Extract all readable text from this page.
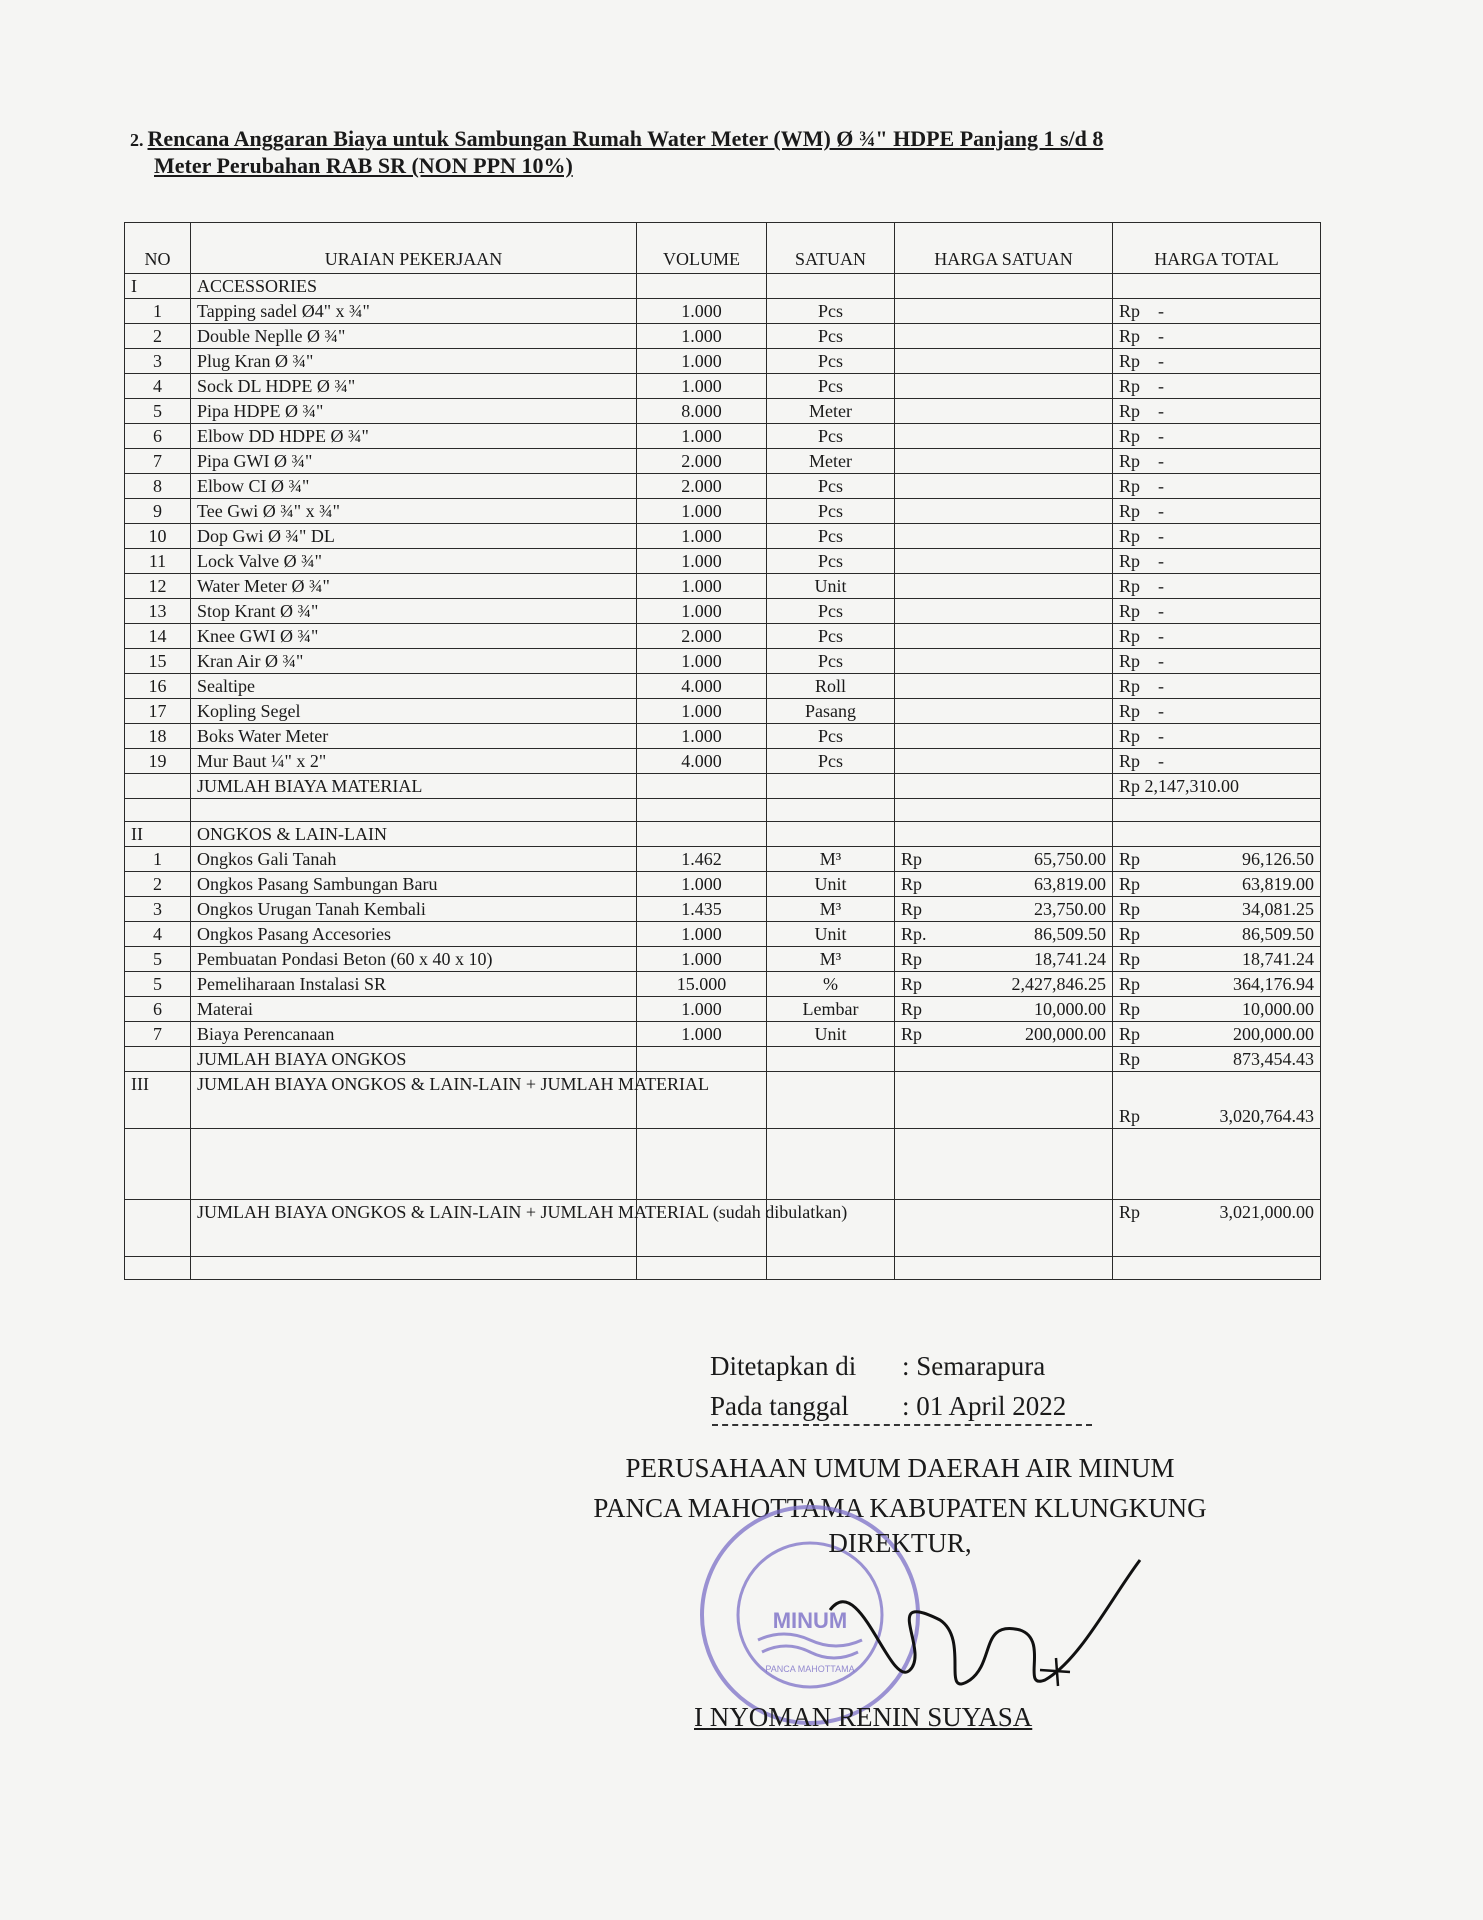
2. Rencana Anggaran Biaya untuk Sambungan Rumah Water Meter (WM) Ø ¾" HDPE Panjang 1 s/d 8
Meter Perubahan RAB SR (NON PPN 10%)
NO	URAIAN PEKERJAAN	VOLUME	SATUAN	HARGA SATUAN	HARGA TOTAL
I	ACCESSORIES				
1	Tapping sadel Ø4" x ¾"	1.000	Pcs		Rp -
2	Double Neplle Ø ¾"	1.000	Pcs		Rp -
3	Plug Kran Ø ¾"	1.000	Pcs		Rp -
4	Sock DL HDPE Ø ¾"	1.000	Pcs		Rp -
5	Pipa HDPE Ø ¾"	8.000	Meter		Rp -
6	Elbow DD HDPE Ø ¾"	1.000	Pcs		Rp -
7	Pipa GWI Ø ¾"	2.000	Meter		Rp -
8	Elbow CI Ø ¾"	2.000	Pcs		Rp -
9	Tee Gwi Ø ¾" x ¾"	1.000	Pcs		Rp -
10	Dop Gwi Ø ¾" DL	1.000	Pcs		Rp -
11	Lock Valve Ø ¾"	1.000	Pcs		Rp -
12	Water Meter Ø ¾"	1.000	Unit		Rp -
13	Stop Krant Ø ¾"	1.000	Pcs		Rp -
14	Knee GWI Ø ¾"	2.000	Pcs		Rp -
15	Kran Air Ø ¾"	1.000	Pcs		Rp -
16	Sealtipe	4.000	Roll		Rp -
17	Kopling Segel	1.000	Pasang		Rp -
18	Boks Water Meter	1.000	Pcs		Rp -
19	Mur Baut ¼" x 2"	4.000	Pcs		Rp -
	JUMLAH BIAYA MATERIAL				Rp 2,147,310.00

II	ONGKOS & LAIN-LAIN				
1	Ongkos Gali Tanah	1.462	M³	Rp 65,750.00	Rp 96,126.50

2	Ongkos Pasang Sambungan Baru	1.000	Unit	Rp 63,819.00	Rp 63,819.00

3	Ongkos Urugan Tanah Kembali	1.435	M³	Rp 23,750.00	Rp 34,081.25

4	Ongkos Pasang Accesories	1.000	Unit	Rp. 86,509.50	Rp 86,509.50

5	Pembuatan Pondasi Beton (60 x 40 x 10)	1.000	M³	Rp 18,741.24	Rp 18,741.24

5	Pemeliharaan Instalasi SR	15.000	%	Rp 2,427,846.25	Rp 364,176.94

6	Materai	1.000	Lembar	Rp 10,000.00	Rp 10,000.00

7	Biaya Perencanaan	1.000	Unit	Rp 200,000.00	Rp 200,000.00

	JUMLAH BIAYA ONGKOS				Rp 873,454.43

III	JUMLAH BIAYA ONGKOS & LAIN-LAIN + JUMLAH MATERIAL				Rp 3,020,764.43

	JUMLAH BIAYA ONGKOS & LAIN-LAIN + JUMLAH MATERIAL (sudah dibulatkan)				Rp 3,021,000.00

Ditetapkan di : Semarapura
Pada tanggal : 01 April 2022
PERUSAHAAN UMUM DAERAH AIR MINUM
PANCA MAHOTTAMA KABUPATEN KLUNGKUNG
MINUM
PANCA MAHOTTAMA
DIREKTUR,
I NYOMAN RENIN SUYASA
